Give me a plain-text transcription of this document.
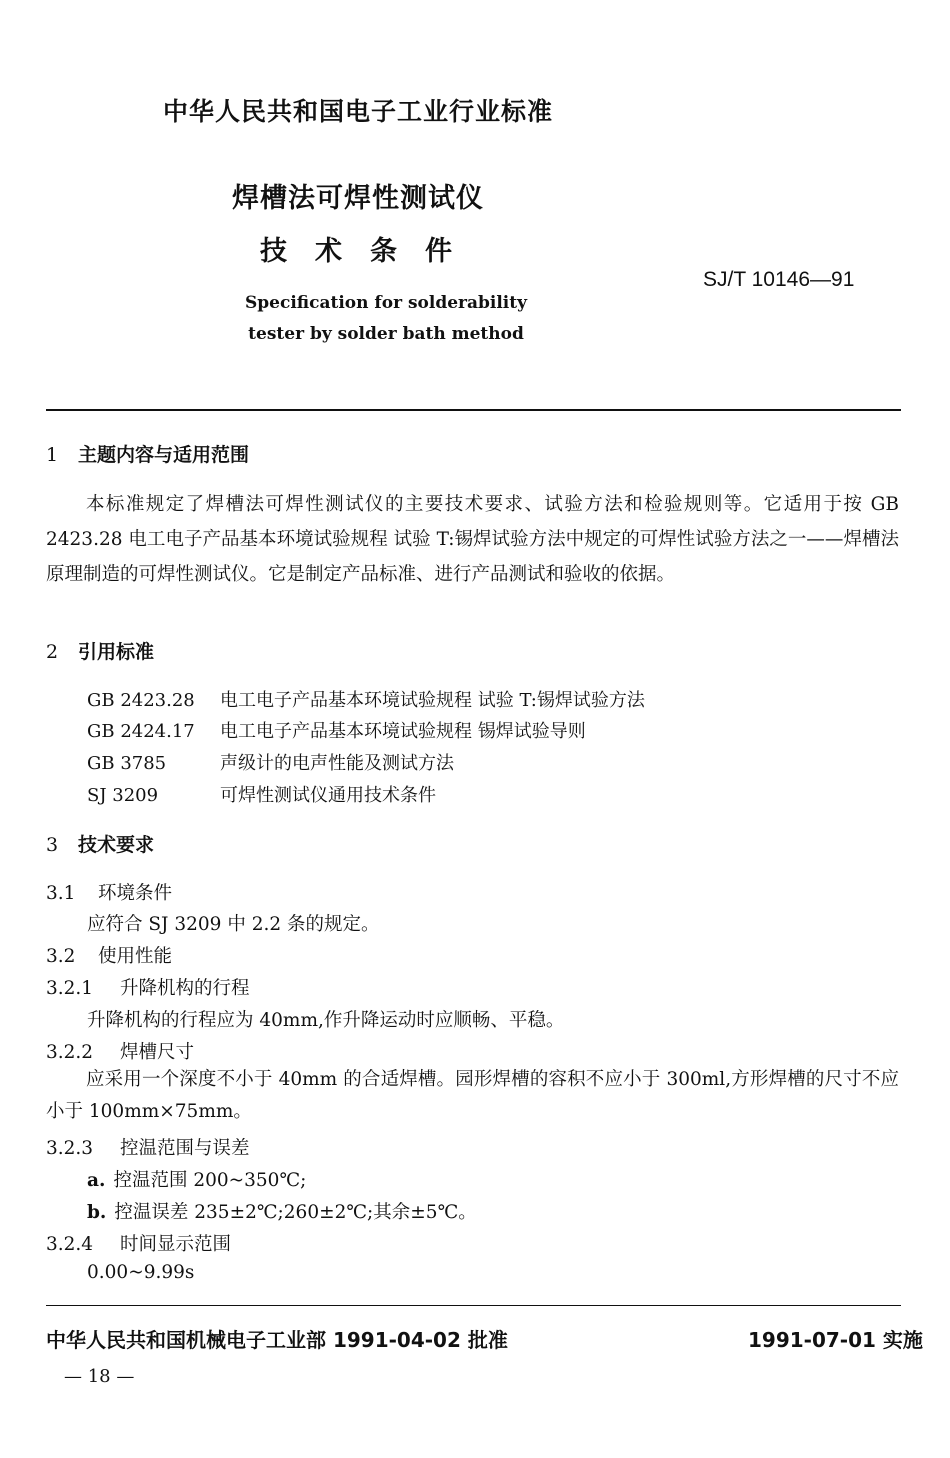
中华人民共和国电子工业行业标准
焊槽法可焊性测试仪
技术条件
SJ/T 10146—91
Specification for solderability
tester by solder bath method
1 主题内容与适用范围
本标准规定了焊槽法可焊性测试仪的主要技术要求、试验方法和检验规则等。它适用于按 GB 2423.28 电工电子产品基本环境试验规程 试验 T:锡焊试验方法中规定的可焊性试验方法之一——焊槽法原理制造的可焊性测试仪。它是制定产品标准、进行产品测试和验收的依据。
2 引用标准
GB 2423.28 电工电子产品基本环境试验规程 试验 T:锡焊试验方法
GB 2424.17 电工电子产品基本环境试验规程 锡焊试验导则
GB 3785	声级计的电声性能及测试方法
SJ 3209	可焊性测试仪通用技术条件
3 技术要求
3.1 环境条件
应符合 SJ 3209 中 2.2 条的规定。
3.2 使用性能
3.2.1 升降机构的行程
升降机构的行程应为 40mm,作升降运动时应顺畅、平稳。
3.2.2 焊槽尺寸
应采用一个深度不小于 40mm 的合适焊槽。园形焊槽的容积不应小于 300ml,方形焊槽的尺寸不应小于 100mm×75mm。
3.2.3 控温范围与误差
a. 控温范围 200~350℃;
b. 控温误差 235±2℃;260±2℃;其余±5℃。
3.2.4 时间显示范围
0.00~9.99s
中华人民共和国机械电子工业部 1991-04-02 批准	1991-07-01 实施
— 18 —
